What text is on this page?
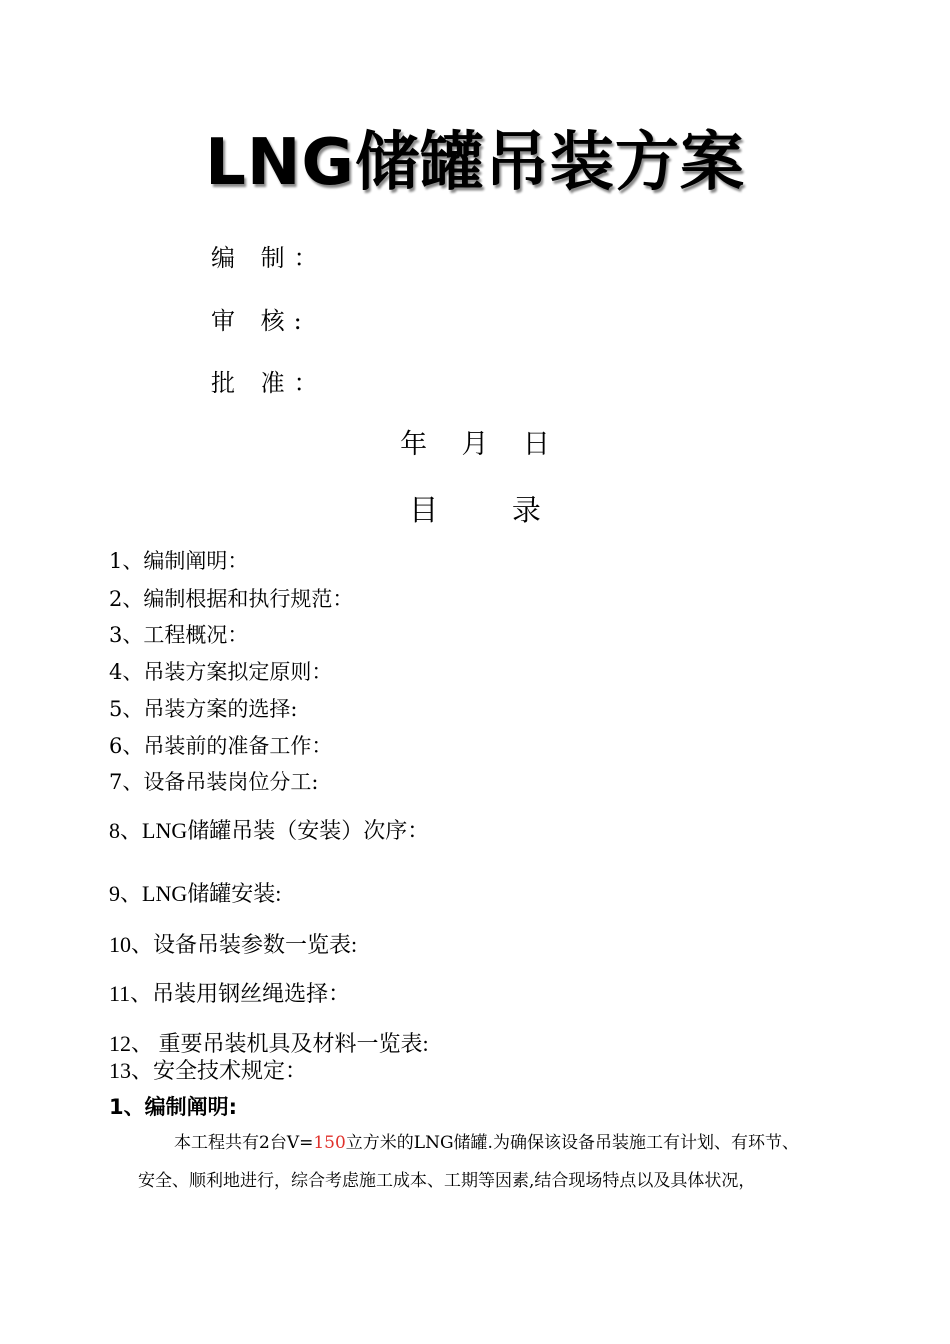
LNG储罐吊装方案
编 制：
审 核:
批 准：
年    月    日
目        录
1、编制阐明：
2、编制根据和执行规范：
3、工程概况：
4、吊装方案拟定原则：
5、吊装方案的选择:
6、吊装前的准备工作：
7、设备吊装岗位分工:
8、LNG储罐吊装（安装）次序：
9、LNG储罐安装:
10、设备吊装参数一览表:
11、吊装用钢丝绳选择：
12、 重要吊装机具及材料一览表:
13、安全技术规定：
1、编制阐明:
本工程共有2台V=150立方米的LNG储罐.为确保该设备吊装施工有计划、有环节、
安全、顺利地进行，综合考虑施工成本、工期等因素,结合现场特点以及具体状况，
